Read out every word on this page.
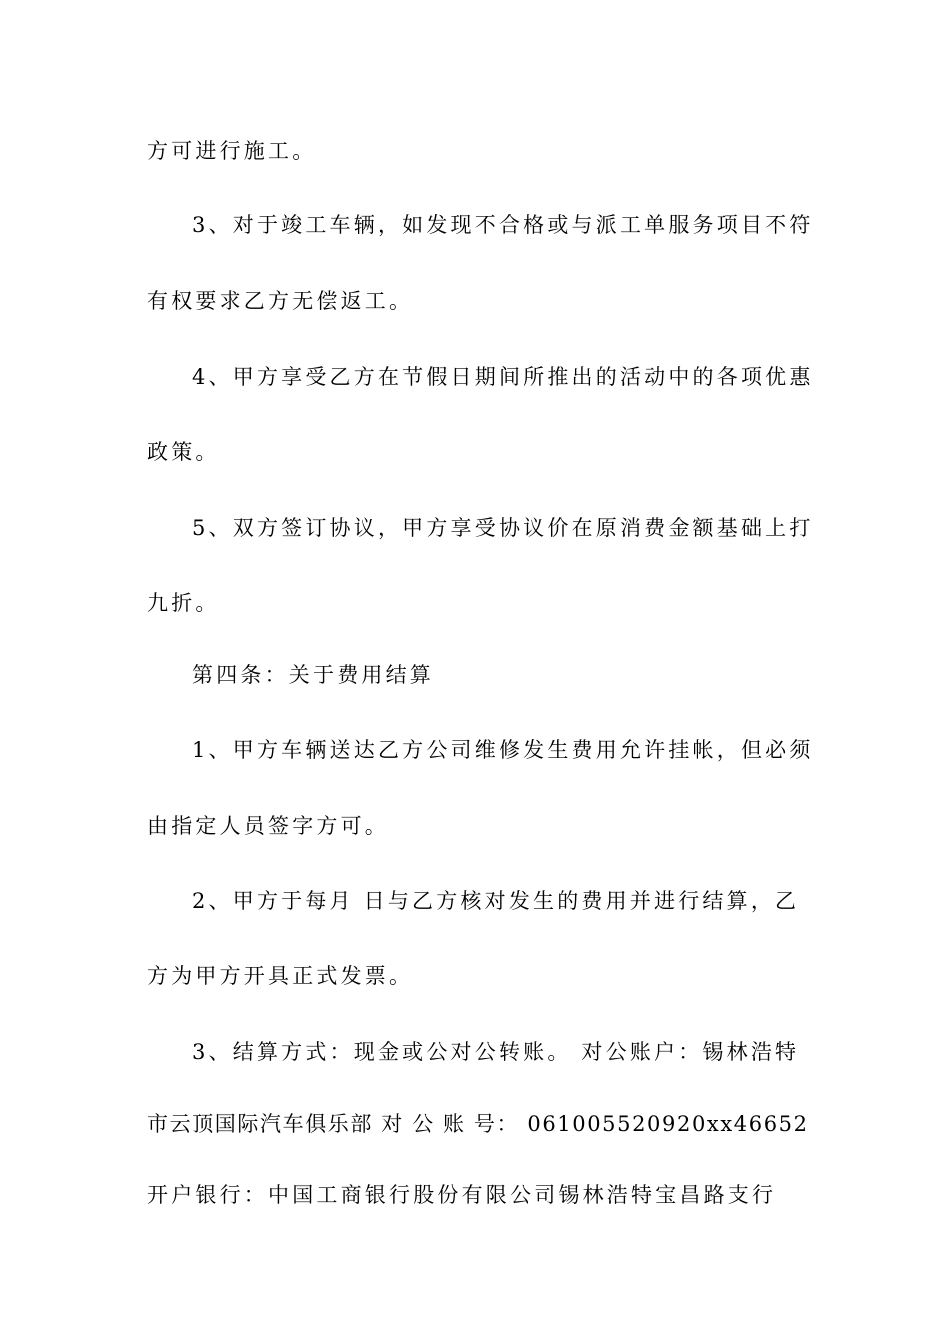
方可进行施工。
3、对于竣工车辆，如发现不合格或与派工单服务项目不符
有权要求乙方无偿返工。
4、甲方享受乙方在节假日期间所推出的活动中的各项优惠
政策。
5、双方签订协议，甲方享受协议价在原消费金额基础上打
九折。
第四条：关于费用结算
1、甲方车辆送达乙方公司维修发生费用允许挂帐，但必须
由指定人员签字方可。
2、甲方于每月 日与乙方核对发生的费用并进行结算，乙
方为甲方开具正式发票。
3、结算方式：现金或公对公转账。 对公账户：锡林浩特
市云顶国际汽车俱乐部 对 公 账 号： 061005520920xx46652
开户银行：中国工商银行股份有限公司锡林浩特宝昌路支行
